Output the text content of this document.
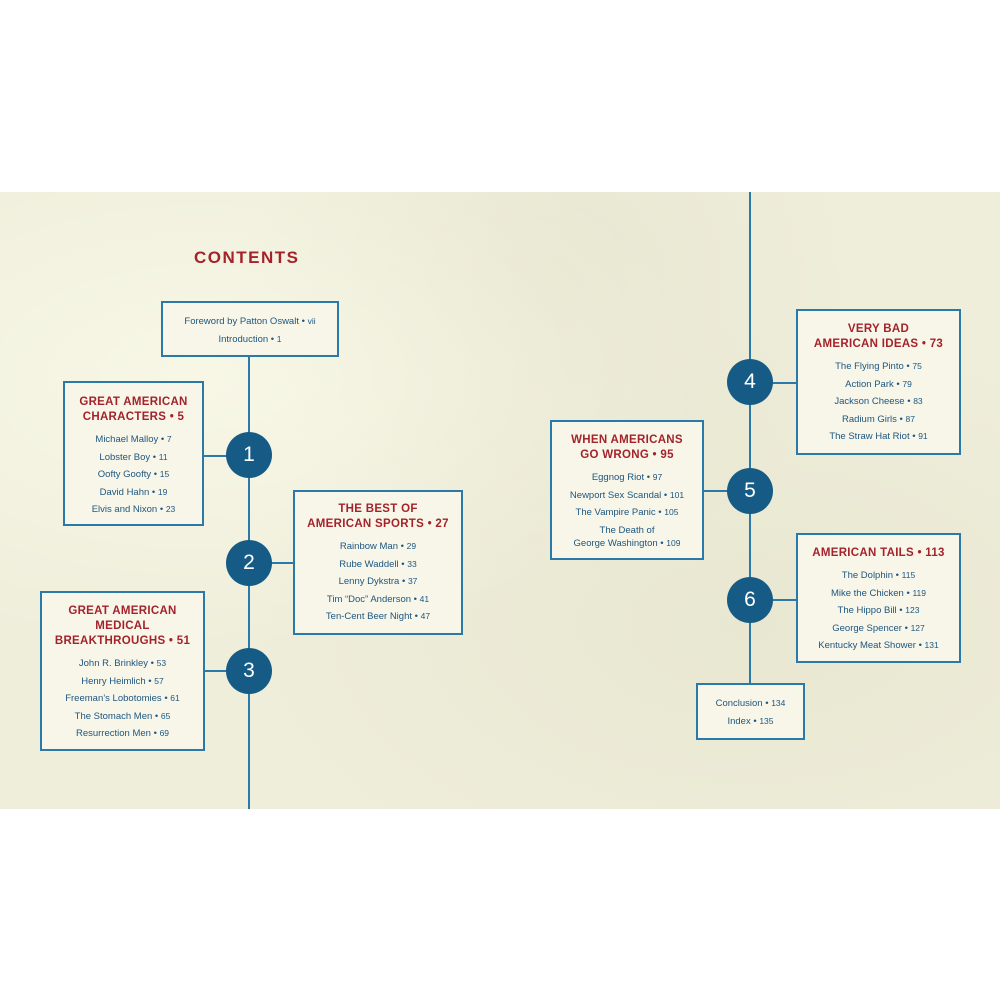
CONTENTS
Foreword by Patton Oswalt • vii
Introduction • 1
GREAT AMERICAN
CHARACTERS • 5
Michael Malloy • 7
Lobster Boy • 11
Oofty Goofty • 15
David Hahn • 19
Elvis and Nixon • 23	THE BEST OF
AMERICAN SPORTS • 27
Rainbow Man • 29
Rube Waddell • 33
Lenny Dykstra • 37
Tim “Doc” Anderson • 41
Ten-Cent Beer Night • 47
GREAT AMERICAN
MEDICAL
BREAKTHROUGHS • 51
John R. Brinkley • 53
Henry Heimlich • 57
Freeman’s Lobotomies • 61
The Stomach Men • 65
Resurrection Men • 69
VERY BAD
AMERICAN IDEAS • 73
The Flying Pinto • 75
Action Park • 79
Jackson Cheese • 83
Radium Girls • 87
The Straw Hat Riot • 91
WHEN AMERICANS
GO WRONG • 95
Eggnog Riot • 97
Newport Sex Scandal • 101
The Vampire Panic • 105
The Death of
George Washington • 109
AMERICAN TAILS • 113
The Dolphin • 115
Mike the Chicken • 119
The Hippo Bill • 123
George Spencer • 127
Kentucky Meat Shower • 131
Conclusion • 134
Index • 135
1
2
3
4
5
6
